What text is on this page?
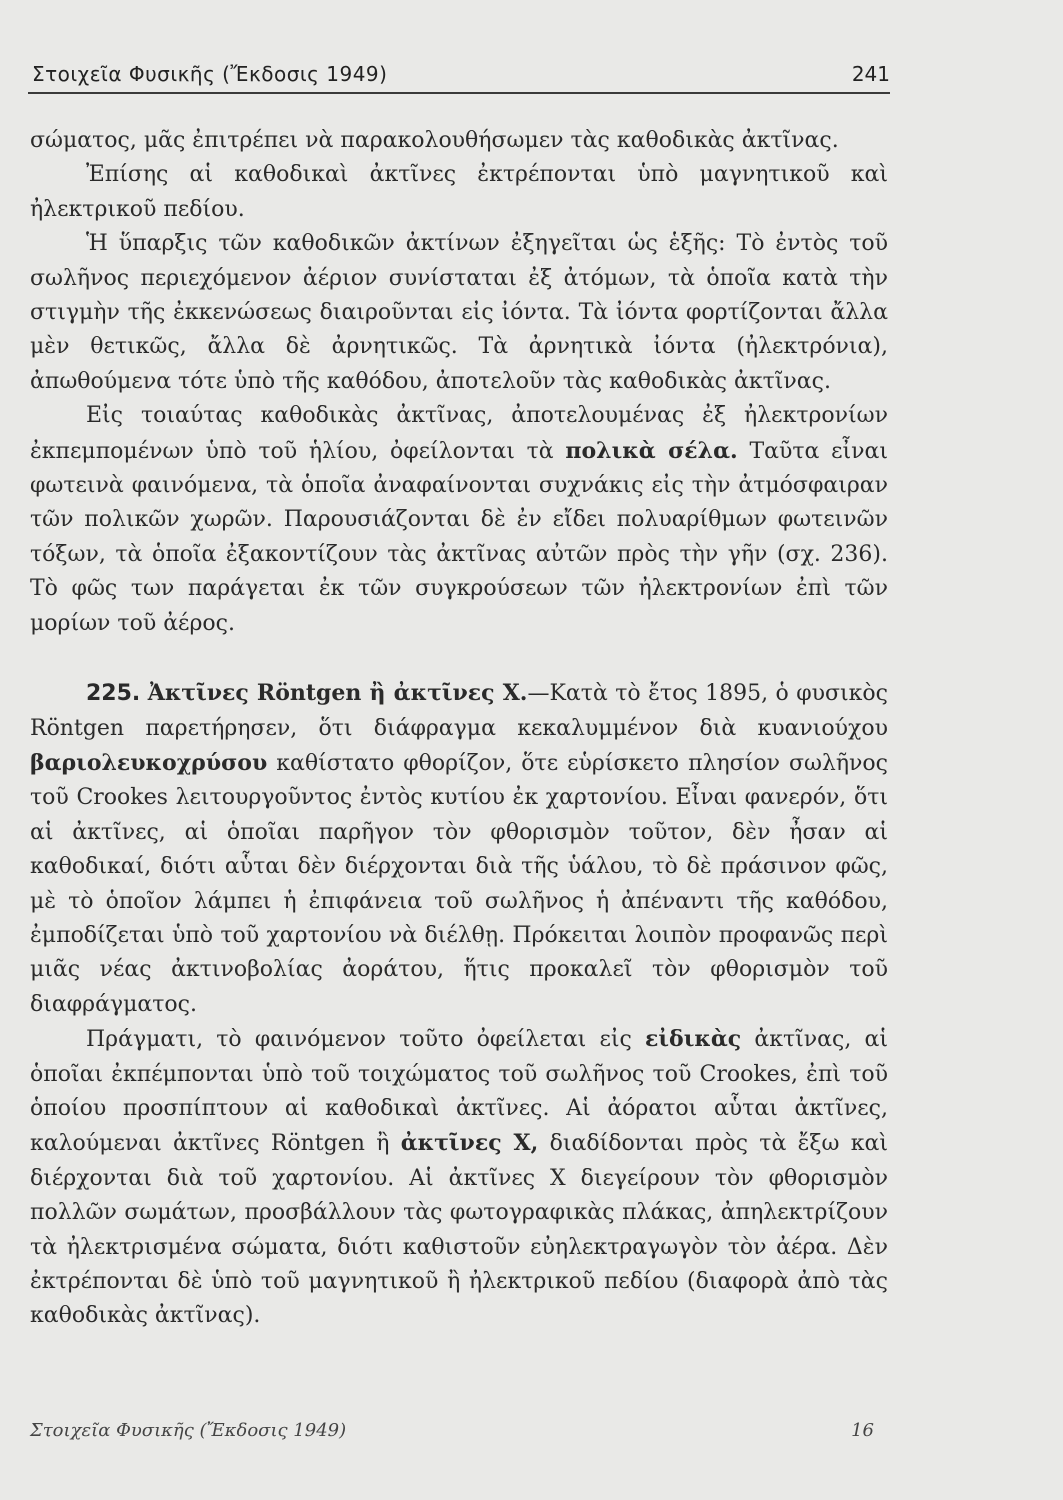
Στοιχεῖα Φυσικῆς (Ἔκδοσις 1949)	241

σώματος, μᾶς ἐπιτρέπει νὰ παρακολουθήσωμεν τὰς καθοδικὰς ἀκτῖνας.

Ἐπίσης αἱ καθοδικαὶ ἀκτῖνες ἐκτρέπονται ὑπὸ μαγνητικοῦ καὶ ἠλεκτρικοῦ πεδίου.

Ἡ ὕπαρξις τῶν καθοδικῶν ἀκτίνων ἐξηγεῖται ὡς ἑξῆς: Τὸ ἐντὸς τοῦ σωλῆνος περιεχόμενον ἀέριον συνίσταται ἐξ ἀτόμων, τὰ ὁποῖα κατὰ τὴν στιγμὴν τῆς ἐκκενώσεως διαιροῦνται εἰς ἰόντα. Τὰ ἰόντα φορτίζονται ἄλλα μὲν θετικῶς, ἄλλα δὲ ἀρνητικῶς. Τὰ ἀρνητικὰ ἰόντα (ἠλεκτρόνια), ἀπωθούμενα τότε ὑπὸ τῆς καθόδου, ἀποτελοῦν τὰς καθοδικὰς ἀκτῖνας.

Εἰς τοιαύτας καθοδικὰς ἀκτῖνας, ἀποτελουμένας ἐξ ἠλεκτρονίων ἐκπεμπομένων ὑπὸ τοῦ ἡλίου, ὀφείλονται τὰ πολικὰ σέλα. Ταῦτα εἶναι φωτεινὰ φαινόμενα, τὰ ὁποῖα ἀναφαίνονται συχνάκις εἰς τὴν ἀτμόσφαιραν τῶν πολικῶν χωρῶν. Παρουσιάζονται δὲ ἐν εἴδει πολυαρίθμων φωτεινῶν τόξων, τὰ ὁποῖα ἐξακοντίζουν τὰς ἀκτῖνας αὐτῶν πρὸς τὴν γῆν (σχ. 236). Τὸ φῶς των παράγεται ἐκ τῶν συγκρούσεων τῶν ἠλεκτρονίων ἐπὶ τῶν μορίων τοῦ ἀέρος.

225. Ἀκτῖνες Röntgen ἢ ἀκτῖνες Χ.—Κατὰ τὸ ἔτος 1895, ὁ φυσικὸς Röntgen παρετήρησεν, ὅτι διάφραγμα κεκαλυμμένον διὰ κυανιούχου βαριολευκοχρύσου καθίστατο φθορίζον, ὅτε εὑρίσκετο πλησίον σωλῆνος τοῦ Crookes λειτουργοῦντος ἐντὸς κυτίου ἐκ χαρτονίου. Εἶναι φανερόν, ὅτι αἱ ἀκτῖνες, αἱ ὁποῖαι παρῆγον τὸν φθορισμὸν τοῦτον, δὲν ἦσαν αἱ καθοδικαί, διότι αὗται δὲν διέρχονται διὰ τῆς ὑάλου, τὸ δὲ πράσινον φῶς, μὲ τὸ ὁποῖον λάμπει ἡ ἐπιφάνεια τοῦ σωλῆνος ἡ ἀπέναντι τῆς καθόδου, ἐμποδίζεται ὑπὸ τοῦ χαρτονίου νὰ διέλθῃ. Πρόκειται λοιπὸν προφανῶς περὶ μιᾶς νέας ἀκτινοβολίας ἀοράτου, ἥτις προκαλεῖ τὸν φθορισμὸν τοῦ διαφράγματος.

Πράγματι, τὸ φαινόμενον τοῦτο ὀφείλεται εἰς εἰδικὰς ἀκτῖνας, αἱ ὁποῖαι ἐκπέμπονται ὑπὸ τοῦ τοιχώματος τοῦ σωλῆνος τοῦ Crookes, ἐπὶ τοῦ ὁποίου προσπίπτουν αἱ καθοδικαὶ ἀκτῖνες. Αἱ ἀόρατοι αὗται ἀκτῖνες, καλούμεναι ἀκτῖνες Röntgen ἢ ἀκτῖνες Χ, διαδίδονται πρὸς τὰ ἔξω καὶ διέρχονται διὰ τοῦ χαρτονίου. Αἱ ἀκτῖνες Χ διεγείρουν τὸν φθορισμὸν πολλῶν σωμάτων, προσβάλλουν τὰς φωτογραφικὰς πλάκας, ἀπηλεκτρίζουν τὰ ἠλεκτρισμένα σώματα, διότι καθιστοῦν εὐηλεκτραγωγὸν τὸν ἀέρα. Δὲν ἐκτρέπονται δὲ ὑπὸ τοῦ μαγνητικοῦ ἢ ἠλεκτρικοῦ πεδίου (διαφορὰ ἀπὸ τὰς καθοδικὰς ἀκτῖνας).

Στοιχεῖα Φυσικῆς (Ἔκδοσις 1949)	16
